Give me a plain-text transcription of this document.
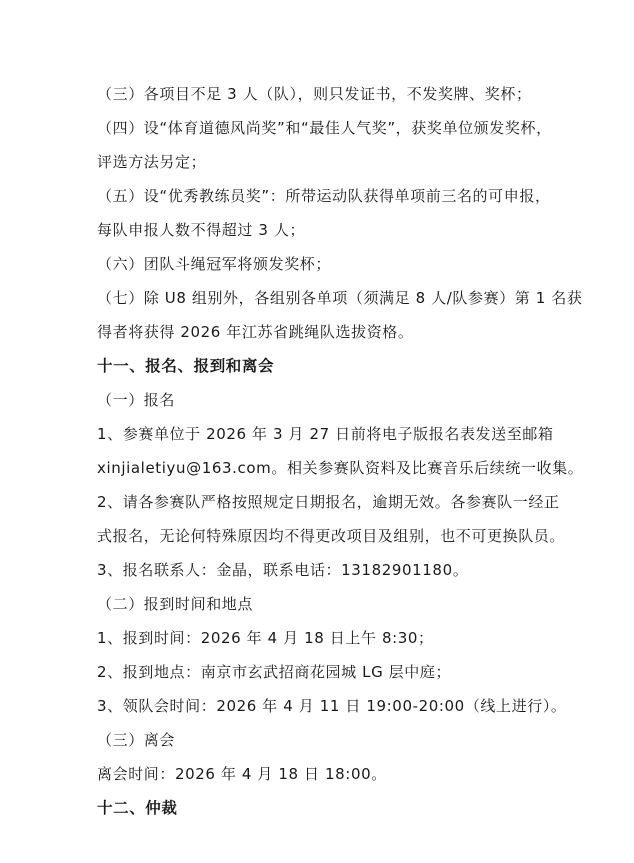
（三）各项目不足 3 人（队），则只发证书，不发奖牌、奖杯；
（四）设“体育道德风尚奖”和“最佳人气奖”，获奖单位颁发奖杯，
评选方法另定；
（五）设“优秀教练员奖”：所带运动队获得单项前三名的可申报，
每队申报人数不得超过 3 人；
（六）团队斗绳冠军将颁发奖杯；
（七）除 U8 组别外，各组别各单项（须满足 8 人/队参赛）第 1 名获
得者将获得 2026 年江苏省跳绳队选拔资格。
十一、报名、报到和离会
（一）报名
1、参赛单位于 2026 年 3 月 27 日前将电子版报名表发送至邮箱
xinjialetiyu@163.com。相关参赛队资料及比赛音乐后续统一收集。
2、请各参赛队严格按照规定日期报名，逾期无效。各参赛队一经正
式报名，无论何特殊原因均不得更改项目及组别，也不可更换队员。
3、报名联系人：金晶，联系电话：13182901180。
（二）报到时间和地点
1、报到时间：2026 年 4 月 18 日上午 8:30；
2、报到地点：南京市玄武招商花园城 LG 层中庭；
3、领队会时间：2026 年 4 月 11 日 19:00-20:00（线上进行）。
（三）离会
离会时间：2026 年 4 月 18 日 18:00。
十二、仲裁
